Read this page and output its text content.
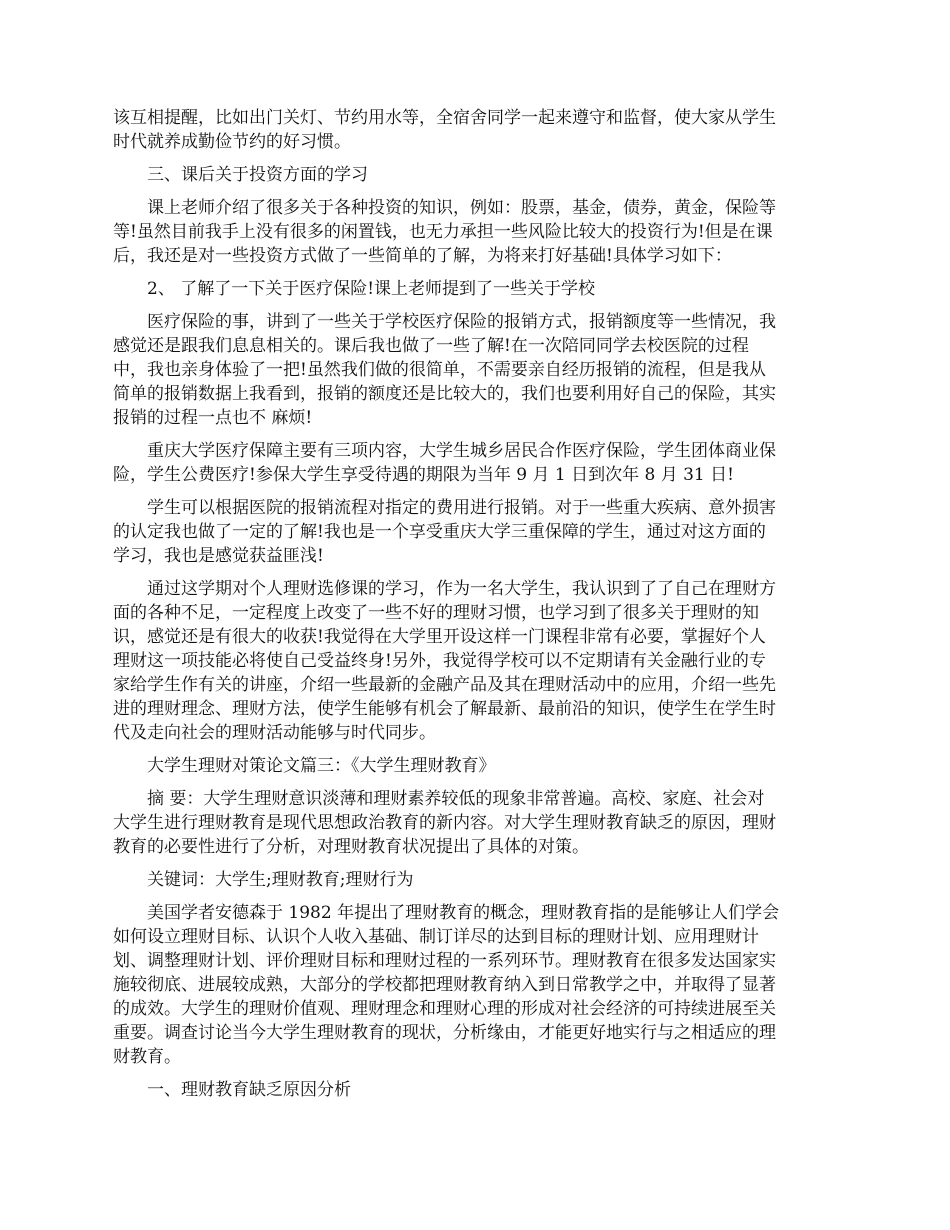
该互相提醒，比如出门关灯、节约用水等，全宿舍同学一起来遵守和监督，使大家从学生
时代就养成勤俭节约的好习惯。

三、课后关于投资方面的学习

课上老师介绍了很多关于各种投资的知识，例如：股票，基金，债券，黄金，保险等
等!虽然目前我手上没有很多的闲置钱，也无力承担一些风险比较大的投资行为!但是在课
后，我还是对一些投资方式做了一些简单的了解，为将来打好基础!具体学习如下：

2、 了解了一下关于医疗保险!课上老师提到了一些关于学校

医疗保险的事，讲到了一些关于学校医疗保险的报销方式，报销额度等一些情况，我
感觉还是跟我们息息相关的。课后我也做了一些了解!在一次陪同同学去校医院的过程
中，我也亲身体验了一把!虽然我们做的很简单，不需要亲自经历报销的流程，但是我从
简单的报销数据上我看到，报销的额度还是比较大的，我们也要利用好自己的保险，其实
报销的过程一点也不 麻烦!

重庆大学医疗保障主要有三项内容，大学生城乡居民合作医疗保险，学生团体商业保
险，学生公费医疗!参保大学生享受待遇的期限为当年 9 月 1 日到次年 8 月 31 日!

学生可以根据医院的报销流程对指定的费用进行报销。对于一些重大疾病、意外损害
的认定我也做了一定的了解!我也是一个享受重庆大学三重保障的学生，通过对这方面的
学习，我也是感觉获益匪浅!

通过这学期对个人理财选修课的学习，作为一名大学生，我认识到了了自己在理财方
面的各种不足，一定程度上改变了一些不好的理财习惯，也学习到了很多关于理财的知
识，感觉还是有很大的收获!我觉得在大学里开设这样一门课程非常有必要，掌握好个人
理财这一项技能必将使自己受益终身!另外，我觉得学校可以不定期请有关金融行业的专
家给学生作有关的讲座，介绍一些最新的金融产品及其在理财活动中的应用，介绍一些先
进的理财理念、理财方法，使学生能够有机会了解最新、最前沿的知识，使学生在学生时
代及走向社会的理财活动能够与时代同步。

大学生理财对策论文篇三：《大学生理财教育》

摘 要：大学生理财意识淡薄和理财素养较低的现象非常普遍。高校、家庭、社会对
大学生进行理财教育是现代思想政治教育的新内容。对大学生理财教育缺乏的原因，理财
教育的必要性进行了分析，对理财教育状况提出了具体的对策。

关键词：大学生;理财教育;理财行为

美国学者安德森于 1982 年提出了理财教育的概念，理财教育指的是能够让人们学会
如何设立理财目标、认识个人收入基础、制订详尽的达到目标的理财计划、应用理财计
划、调整理财计划、评价理财目标和理财过程的一系列环节。理财教育在很多发达国家实
施较彻底、进展较成熟，大部分的学校都把理财教育纳入到日常教学之中，并取得了显著
的成效。大学生的理财价值观、理财理念和理财心理的形成对社会经济的可持续进展至关
重要。调查讨论当今大学生理财教育的现状，分析缘由，才能更好地实行与之相适应的理
财教育。

一、理财教育缺乏原因分析
